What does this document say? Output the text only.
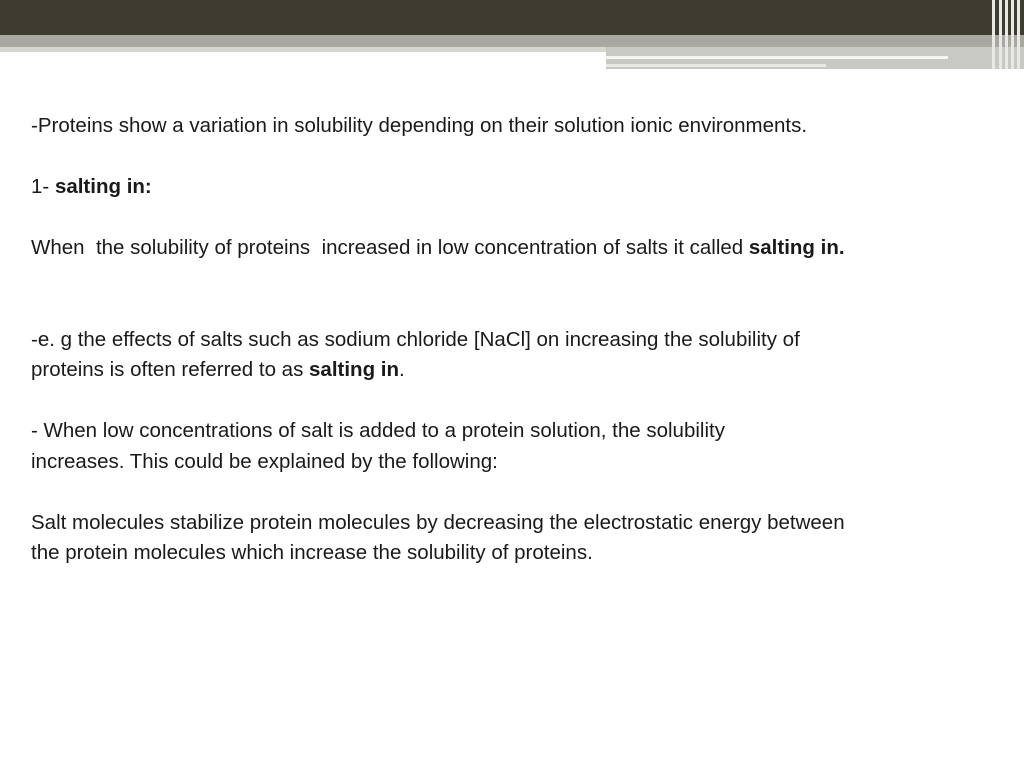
-Proteins show a variation in solubility depending on their solution ionic environments.

1- salting in:

When  the solubility of proteins  increased in low concentration of salts it called salting in.

-e. g the effects of salts such as sodium chloride [NaCl] on increasing the solubility of
proteins is often referred to as salting in.

- When low concentrations of salt is added to a protein solution, the solubility
increases. This could be explained by the following:

Salt molecules stabilize protein molecules by decreasing the electrostatic energy between
the protein molecules which increase the solubility of proteins.
